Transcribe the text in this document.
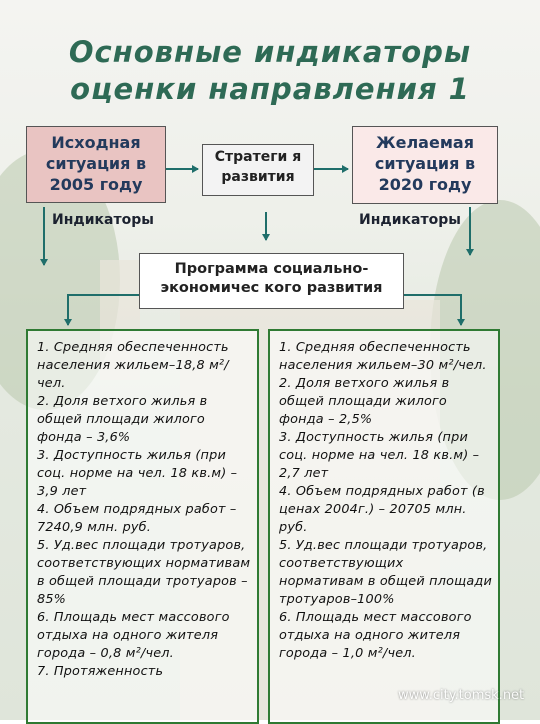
Основные индикаторы оценки направления 1
Исходная ситуация в 2005 году
Стратеги я развития
Желаемая ситуация в 2020 году
Программа социально-экономичес кого развития
Индикаторы	Индикаторы
1. Средняя обеспеченность населения жильем–18,8 м²/чел.
2. Доля ветхого жилья в общей площади жилого фонда – 3,6%
3. Доступность жилья (при соц. норме на чел. 18 кв.м) – 3,9 лет
4. Объем подрядных работ – 7240,9 млн. руб.
5. Уд.вес площади тротуаров, соответствующих нормативам в общей площади тротуаров – 85%
6. Площадь мест массового отдыха на одного жителя города – 0,8 м²/чел.
7. Протяженность
1. Средняя обеспеченность населения жильем–30 м²/чел.
2. Доля ветхого жилья в общей площади жилого фонда – 2,5%
3. Доступность жилья (при соц. норме на чел. 18 кв.м) – 2,7 лет
4. Объем подрядных работ (в ценах 2004г.) – 20705 млн. руб.
5. Уд.вес площади тротуаров, соответствующих нормативам в общей площади тротуаров–100%
6. Площадь мест массового отдыха на одного жителя города – 1,0 м²/чел.
www.city.tomsk.net
